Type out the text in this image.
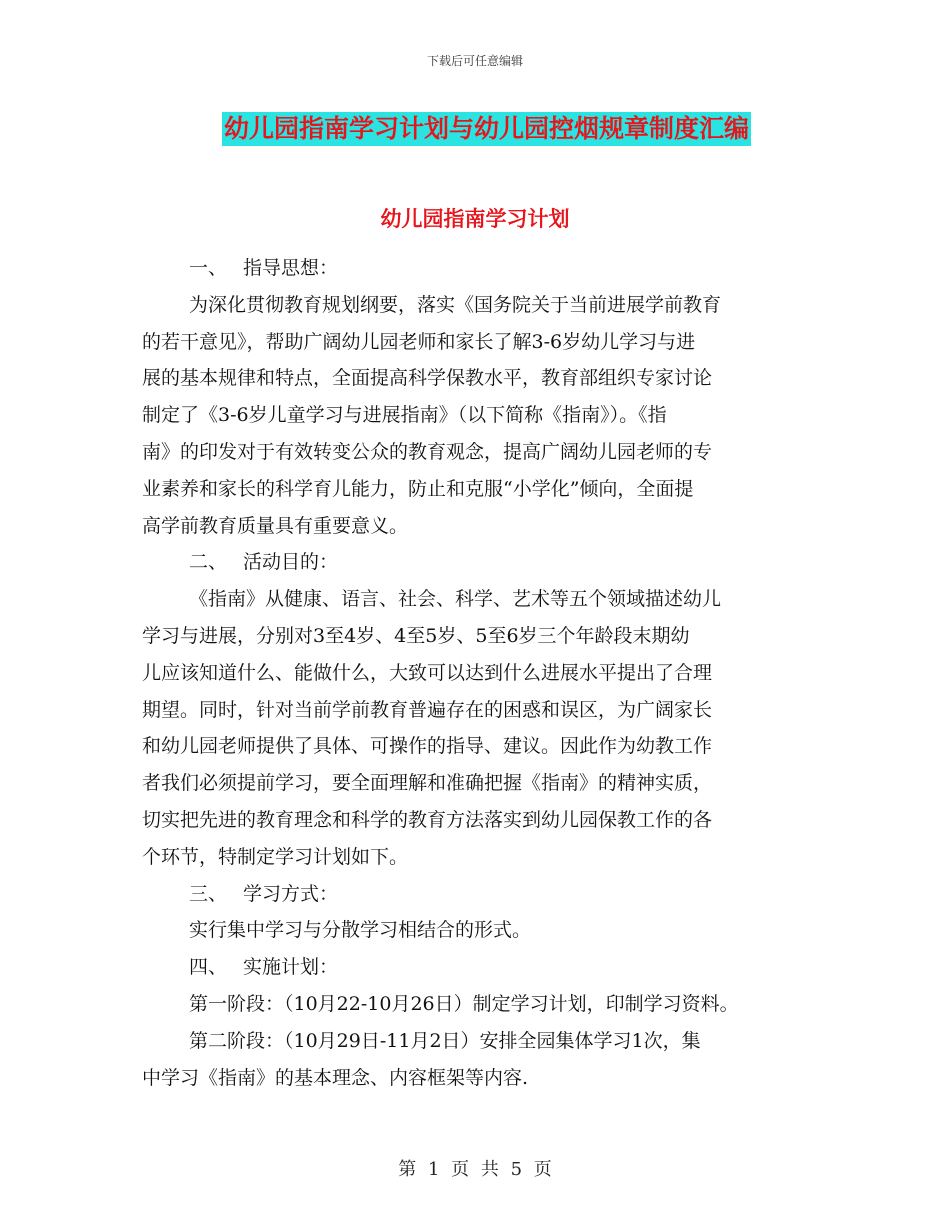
下载后可任意编辑
幼儿园指南学习计划与幼儿园控烟规章制度汇编
幼儿园指南学习计划
一、 指导思想：
为深化贯彻教育规划纲要，落实《国务院关于当前进展学前教育
的若干意见》，帮助广阔幼儿园老师和家长了解3-6岁幼儿学习与进
展的基本规律和特点，全面提高科学保教水平，教育部组织专家讨论
制定了《3-6岁儿童学习与进展指南》（以下简称《指南》）。《指
南》的印发对于有效转变公众的教育观念，提高广阔幼儿园老师的专
业素养和家长的科学育儿能力，防止和克服“小学化”倾向，全面提
高学前教育质量具有重要意义。
二、 活动目的：
《指南》从健康、语言、社会、科学、艺术等五个领域描述幼儿
学习与进展，分别对3至4岁、4至5岁、5至6岁三个年龄段末期幼
儿应该知道什么、能做什么，大致可以达到什么进展水平提出了合理
期望。同时，针对当前学前教育普遍存在的困惑和误区，为广阔家长
和幼儿园老师提供了具体、可操作的指导、建议。因此作为幼教工作
者我们必须提前学习，要全面理解和准确把握《指南》的精神实质，
切实把先进的教育理念和科学的教育方法落实到幼儿园保教工作的各
个环节，特制定学习计划如下。
三、 学习方式：
实行集中学习与分散学习相结合的形式。
四、 实施计划：
第一阶段：（10月22-10月26日）制定学习计划，印制学习资料。
第二阶段：（10月29日-11月2日）安排全园集体学习1次，集
中学习《指南》的基本理念、内容框架等内容.
第 1 页 共 5 页
